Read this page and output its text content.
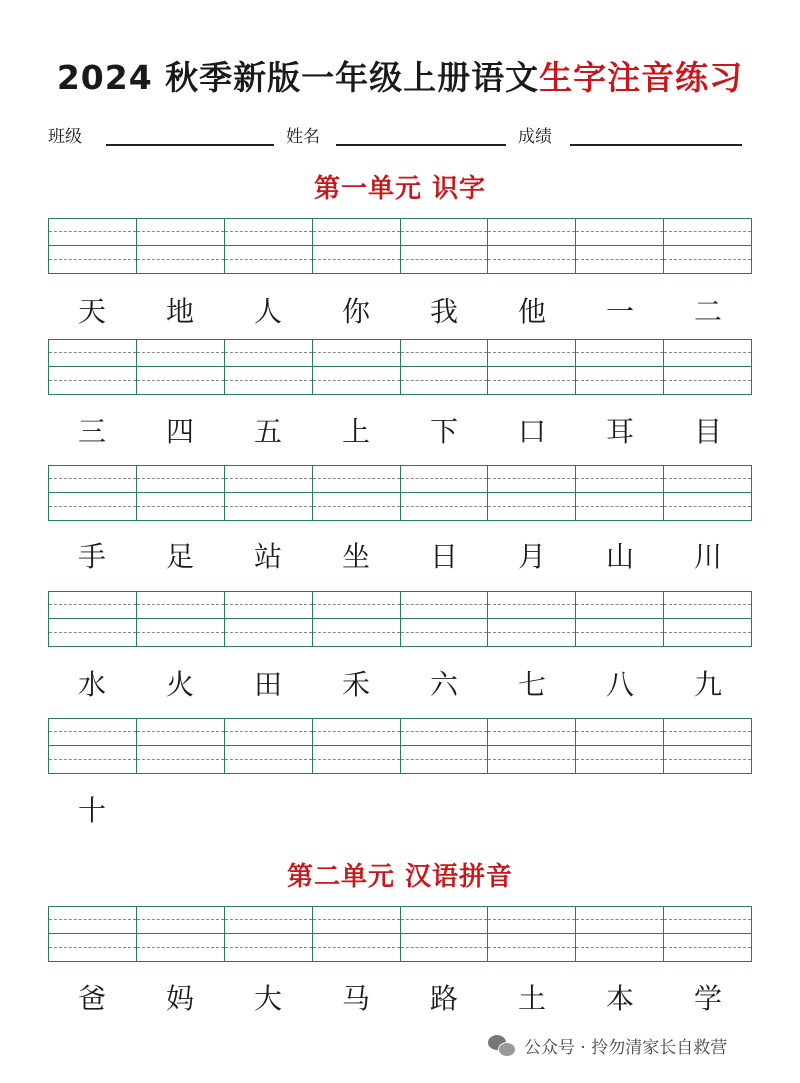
2024 秋季新版一年级上册语文生字注音练习
班级	姓名	成绩
第一单元 识字
天	地	人	你	我	他	一	二
三	四	五	上	下	口	耳	目
手	足	站	坐	日	月	山	川
水	火	田	禾	六	七	八	九
十
第二单元 汉语拼音
爸	妈	大	马	路	土	本	学
公众号 · 拎勿清家长自救营
